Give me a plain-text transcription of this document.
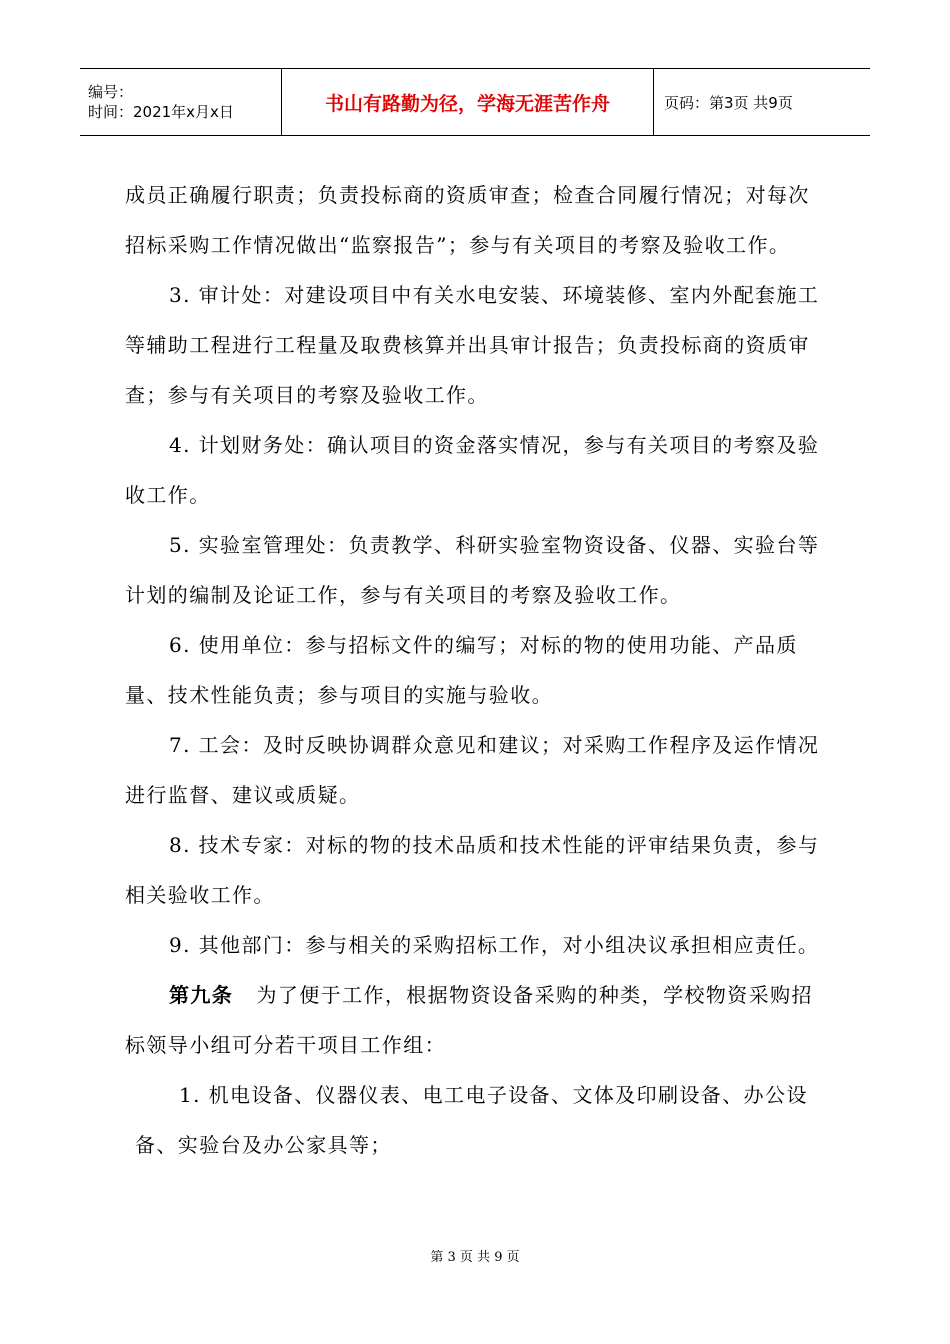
编号：
时间：2021年x月x日	书山有路勤为径，学海无涯苦作舟	页码：第3页 共9页

成员正确履行职责；负责投标商的资质审查；检查合同履行情况；对每次招标采购工作情况做出“监察报告”；参与有关项目的考察及验收工作。

3. 审计处：对建设项目中有关水电安装、环境装修、室内外配套施工等辅助工程进行工程量及取费核算并出具审计报告；负责投标商的资质审查；参与有关项目的考察及验收工作。

4. 计划财务处：确认项目的资金落实情况，参与有关项目的考察及验收工作。

5. 实验室管理处：负责教学、科研实验室物资设备、仪器、实验台等计划的编制及论证工作，参与有关项目的考察及验收工作。

6. 使用单位：参与招标文件的编写；对标的物的使用功能、产品质量、技术性能负责；参与项目的实施与验收。

7. 工会：及时反映协调群众意见和建议；对采购工作程序及运作情况进行监督、建议或质疑。

8. 技术专家：对标的物的技术品质和技术性能的评审结果负责，参与相关验收工作。

9. 其他部门：参与相关的采购招标工作，对小组决议承担相应责任。

第九条 为了便于工作，根据物资设备采购的种类，学校物资采购招标领导小组可分若干项目工作组：

1. 机电设备、仪器仪表、电工电子设备、文体及印刷设备、办公设备、实验台及办公家具等；

第 3 页 共 9 页
